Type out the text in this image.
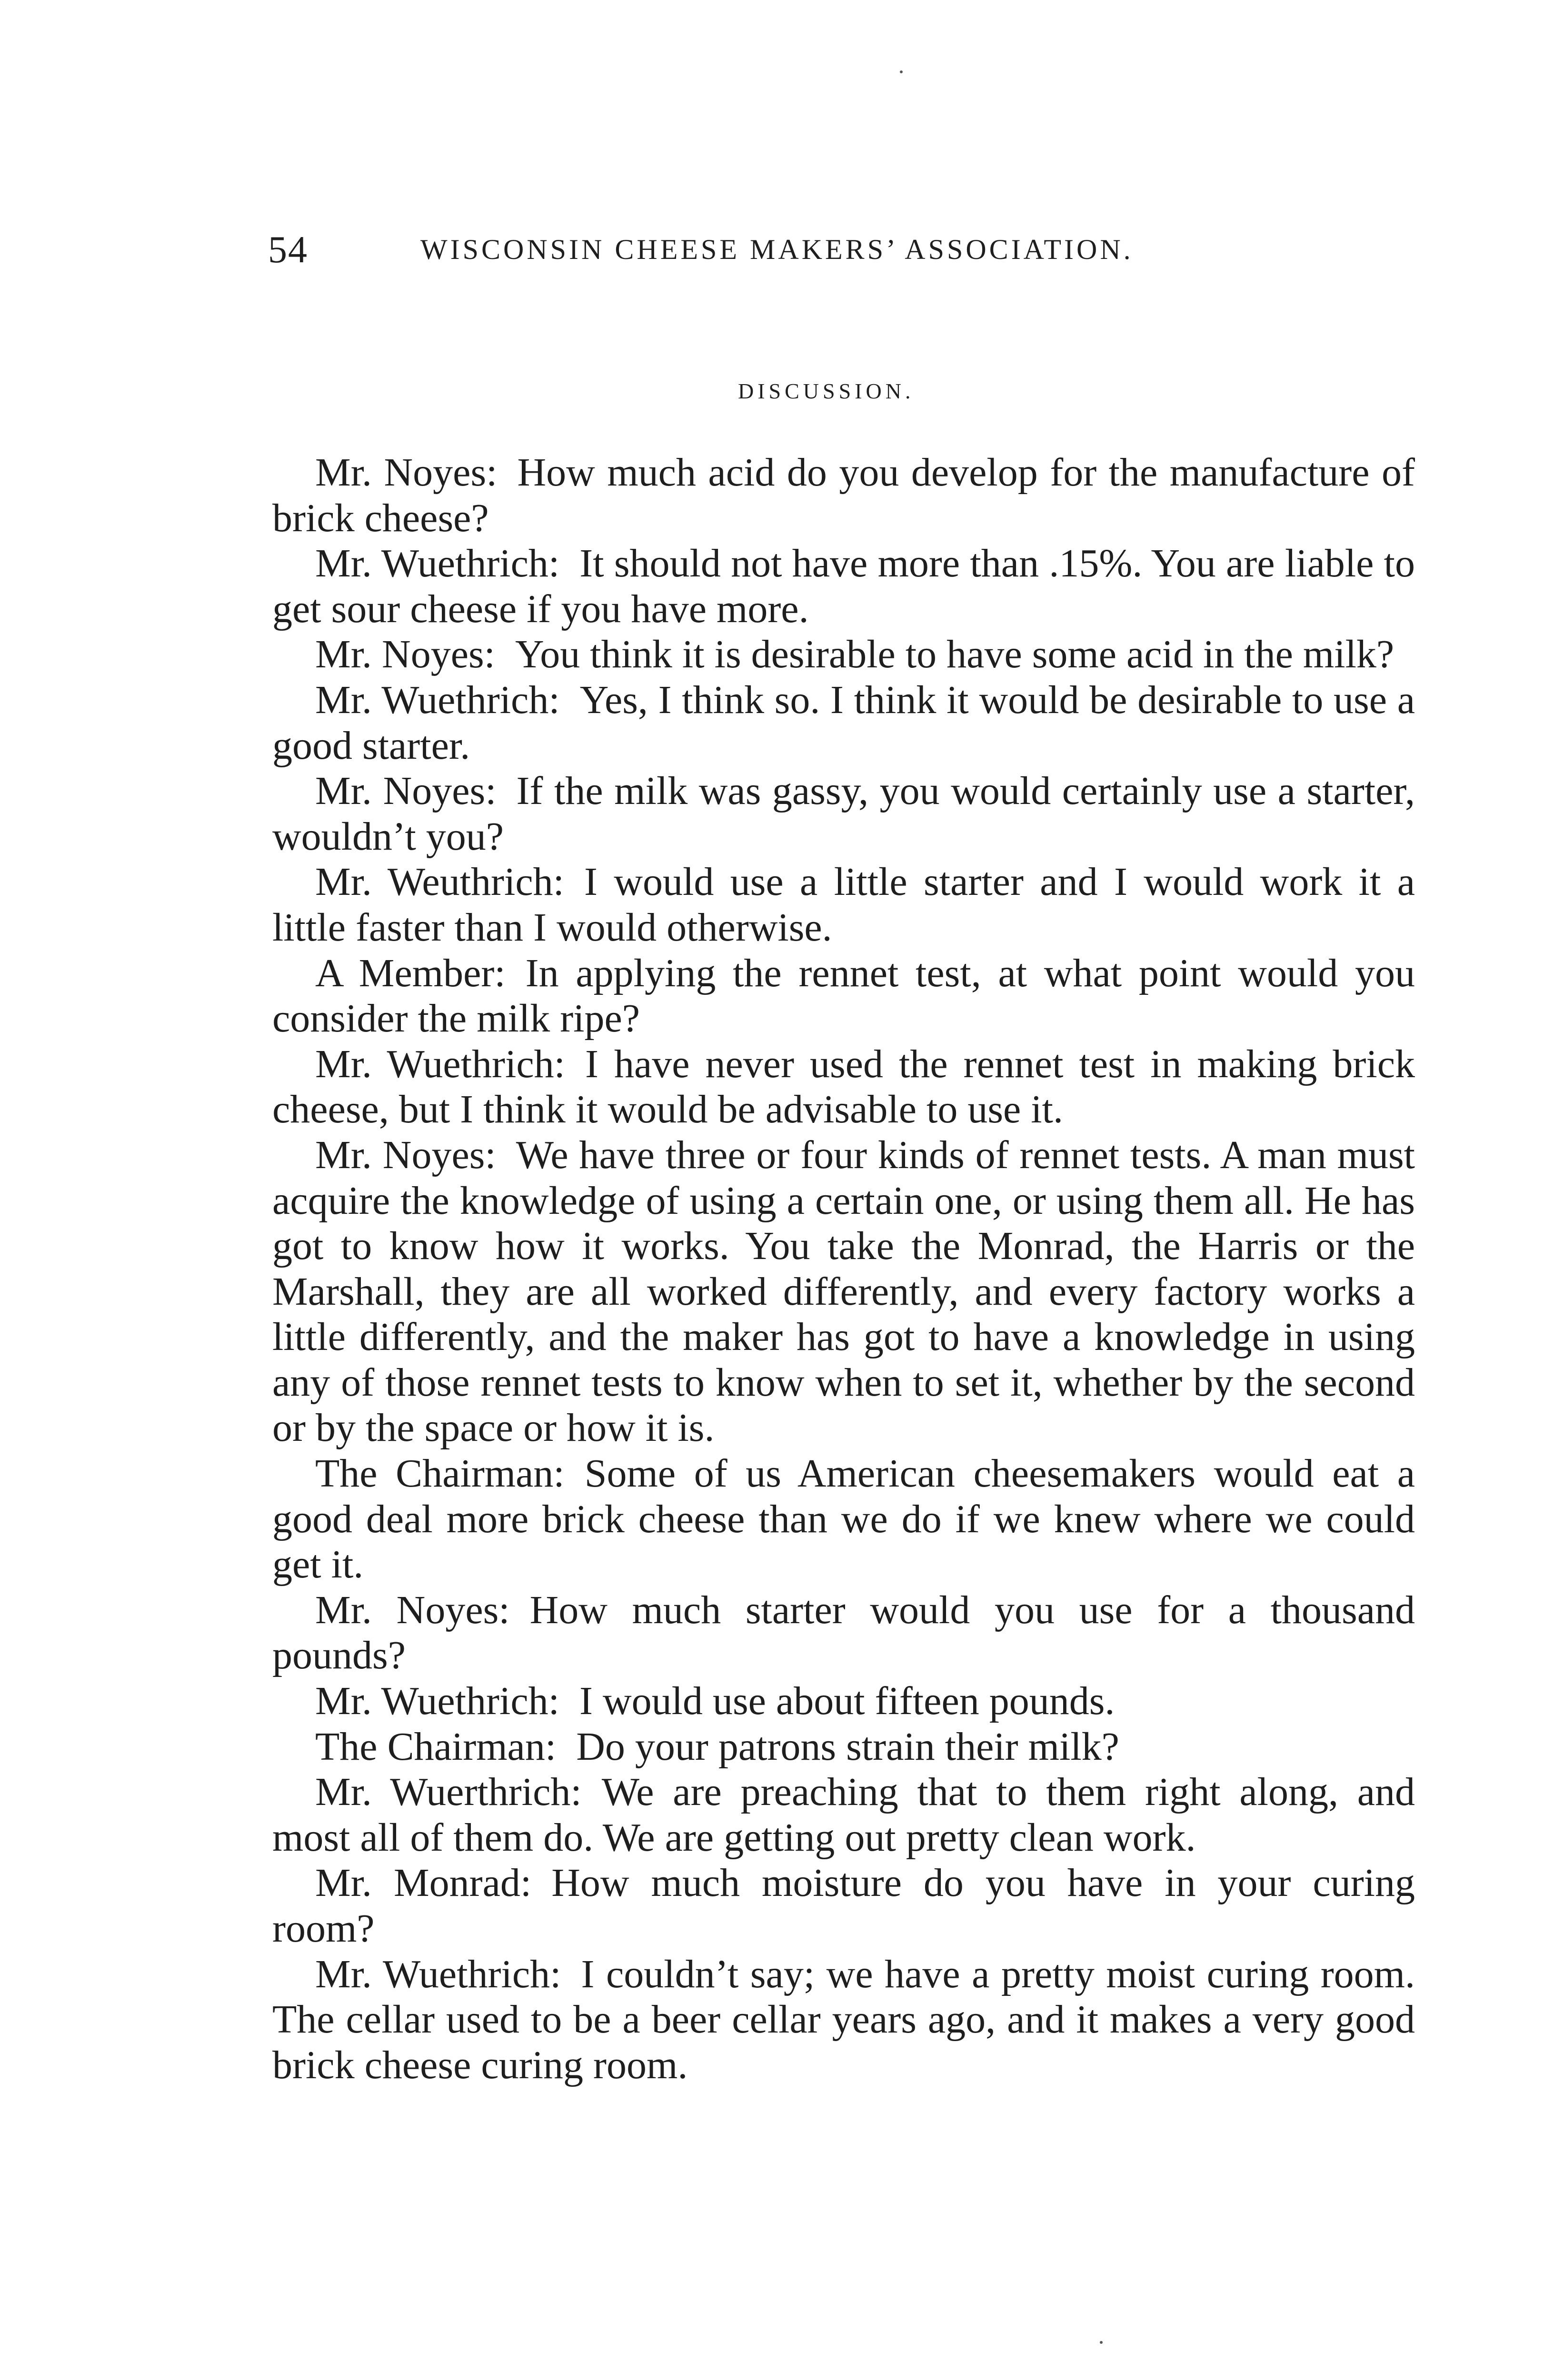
54	WISCONSIN CHEESE MAKERS’ ASSOCIATION.
DISCUSSION.

Mr. Noyes:  How much acid do you develop for the manufacture of brick cheese?

Mr. Wuethrich:  It should not have more than .15%. You are liable to get sour cheese if you have more.

Mr. Noyes:  You think it is desirable to have some acid in the milk?

Mr. Wuethrich:  Yes, I think so. I think it would be desirable to use a good starter.

Mr. Noyes:  If the milk was gassy, you would certainly use a starter, wouldn’t you?

Mr. Weuthrich:  I would use a little starter and I would work it a little faster than I would otherwise.

A Member:  In applying the rennet test, at what point would you consider the milk ripe?

Mr. Wuethrich:  I have never used the rennet test in making brick cheese, but I think it would be advisable to use it.

Mr. Noyes:  We have three or four kinds of rennet tests. A man must acquire the knowledge of using a certain one, or using them all. He has got to know how it works. You take the Monrad, the Harris or the Marshall, they are all worked differently, and every factory works a little differently, and the maker has got to have a knowledge in using any of those rennet tests to know when to set it, whether by the second or by the space or how it is.

The Chairman:  Some of us American cheesemakers would eat a good deal more brick cheese than we do if we knew where we could get it.

Mr. Noyes:  How much starter would you use for a thousand pounds?

Mr. Wuethrich:  I would use about fifteen pounds.

The Chairman:  Do your patrons strain their milk?

Mr. Wuerthrich:  We are preaching that to them right along, and most all of them do. We are getting out pretty clean work.

Mr. Monrad:  How much moisture do you have in your curing room?

Mr. Wuethrich:  I couldn’t say; we have a pretty moist curing room. The cellar used to be a beer cellar years ago, and it makes a very good brick cheese curing room.
